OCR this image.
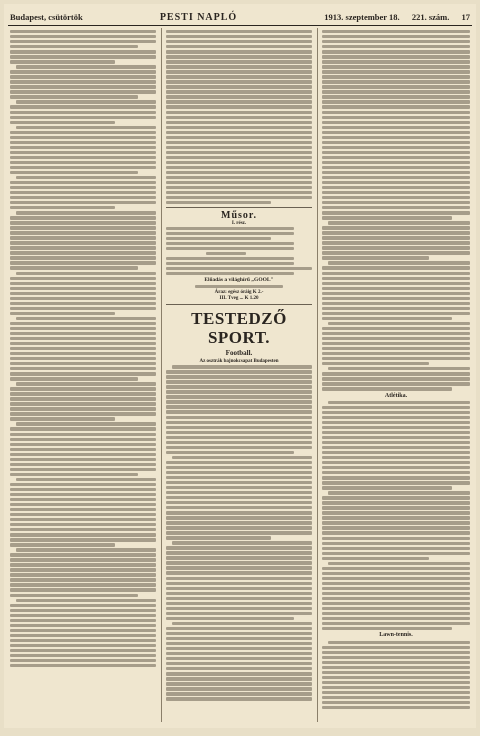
Budapest, csütörtök	PESTI NAPLÓ	1913. szeptember 18. 221. szám. 17
Műsor.
I. rész.
Előadás a világhírű „GOOL"
Áraz: egész óráig K 2.-
III. Tveg ... K 1.20
TESTEDZŐ SPORT.
Football.
Az osztrák bajnokcsapat Budapesten
Atlétika.
Lawn-tennis.
